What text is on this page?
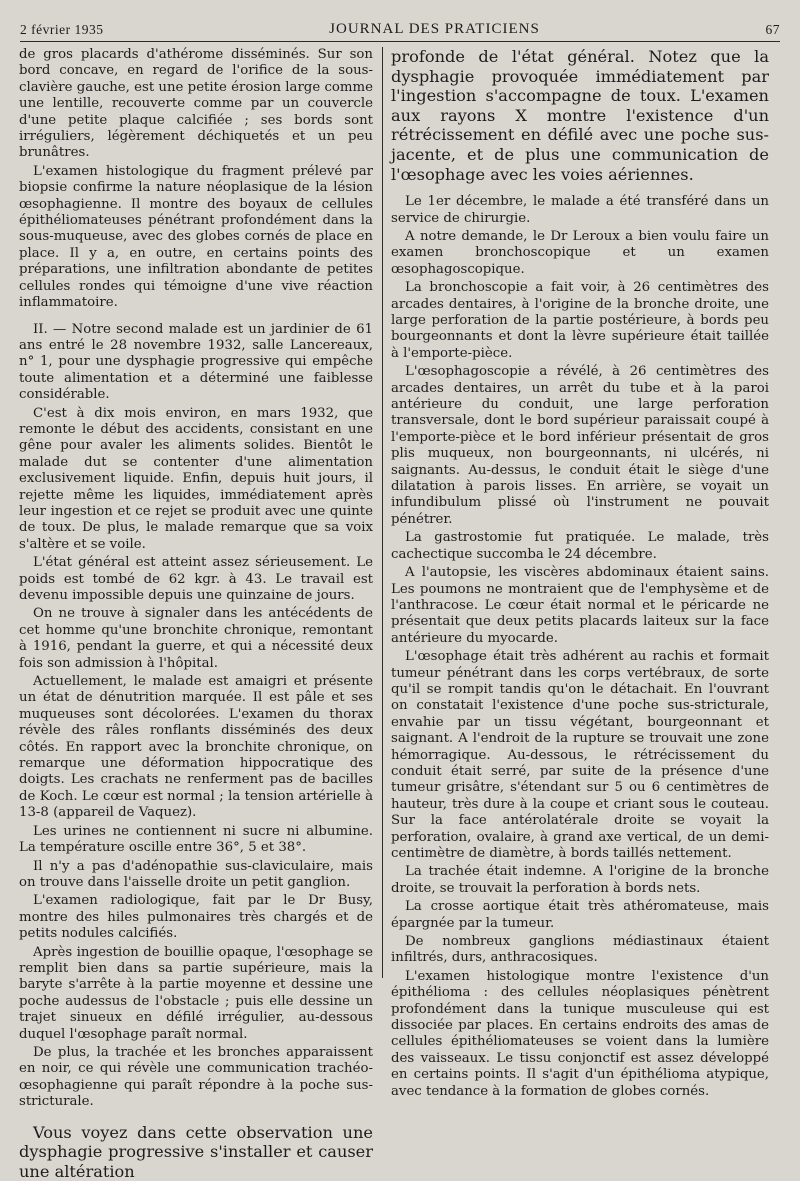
2 février 1935	JOURNAL DES PRATICIENS	67

de gros placards d'athérome disséminés. Sur son bord concave, en regard de l'orifice de la sous-clavière gauche, est une petite érosion large comme une lentille, recouverte comme par un couvercle d'une petite plaque calcifiée ; ses bords sont irréguliers, légèrement déchiquetés et un peu brunâtres.

L'examen histologique du fragment prélevé par biopsie confirme la nature néoplasique de la lésion œsophagienne. Il montre des boyaux de cellules épithéliomateuses pénétrant profondément dans la sous-muqueuse, avec des globes cornés de place en place. Il y a, en outre, en certains points des préparations, une infiltration abondante de petites cellules rondes qui témoigne d'une vive réaction inflammatoire.

II. — Notre second malade est un jardinier de 61 ans entré le 28 novembre 1932, salle Lancereaux, n° 1, pour une dysphagie progressive qui empêche toute alimentation et a déterminé une faiblesse considérable.

C'est à dix mois environ, en mars 1932, que remonte le début des accidents, consistant en une gêne pour avaler les aliments solides. Bientôt le malade dut se contenter d'une alimentation exclusivement liquide. Enfin, depuis huit jours, il rejette même les liquides, immédiatement après leur ingestion et ce rejet se produit avec une quinte de toux. De plus, le malade remarque que sa voix s'altère et se voile.

L'état général est atteint assez sérieusement. Le poids est tombé de 62 kgr. à 43. Le travail est devenu impossible depuis une quinzaine de jours.

On ne trouve à signaler dans les antécédents de cet homme qu'une bronchite chronique, remontant à 1916, pendant la guerre, et qui a nécessité deux fois son admission à l'hôpital.

Actuellement, le malade est amaigri et présente un état de dénutrition marquée. Il est pâle et ses muqueuses sont décolorées. L'examen du thorax révèle des râles ronflants disséminés des deux côtés. En rapport avec la bronchite chronique, on remarque une déformation hippocratique des doigts. Les crachats ne renferment pas de bacilles de Koch. Le cœur est normal ; la tension artérielle à 13-8 (appareil de Vaquez).

Les urines ne contiennent ni sucre ni albumine. La température oscille entre 36°, 5 et 38°.

Il n'y a pas d'adénopathie sus-claviculaire, mais on trouve dans l'aisselle droite un petit ganglion.

L'examen radiologique, fait par le Dr Busy, montre des hiles pulmonaires très chargés et de petits nodules calcifiés.

Après ingestion de bouillie opaque, l'œsophage se remplit bien dans sa partie supérieure, mais la baryte s'arrête à la partie moyenne et dessine une poche audessus de l'obstacle ; puis elle dessine un trajet sinueux en défilé irrégulier, au-dessous duquel l'œsophage paraît normal.

De plus, la trachée et les bronches apparaissent en noir, ce qui révèle une communication trachéo-œsophagienne qui paraît répondre à la poche sus-stricturale.

Vous voyez dans cette observation une dysphagie progressive s'installer et causer une altération

profonde de l'état général. Notez que la dysphagie provoquée immédiatement par l'ingestion s'accompagne de toux. L'examen aux rayons X montre l'existence d'un rétrécissement en défilé avec une poche sus-jacente, et de plus une communication de l'œsophage avec les voies aériennes.

Le 1er décembre, le malade a été transféré dans un service de chirurgie.

A notre demande, le Dr Leroux a bien voulu faire un examen bronchoscopique et un examen œsophagoscopique.

La bronchoscopie a fait voir, à 26 centimètres des arcades dentaires, à l'origine de la bronche droite, une large perforation de la partie postérieure, à bords peu bourgeonnants et dont la lèvre supérieure était taillée à l'emporte-pièce.

L'œsophagoscopie a révélé, à 26 centimètres des arcades dentaires, un arrêt du tube et à la paroi antérieure du conduit, une large perforation transversale, dont le bord supérieur paraissait coupé à l'emporte-pièce et le bord inférieur présentait de gros plis muqueux, non bourgeonnants, ni ulcérés, ni saignants. Au-dessus, le conduit était le siège d'une dilatation à parois lisses. En arrière, se voyait un infundibulum plissé où l'instrument ne pouvait pénétrer.

La gastrostomie fut pratiquée. Le malade, très cachectique succomba le 24 décembre.

A l'autopsie, les viscères abdominaux étaient sains. Les poumons ne montraient que de l'emphysème et de l'anthracose. Le cœur était normal et le péricarde ne présentait que deux petits placards laiteux sur la face antérieure du myocarde.

L'œsophage était très adhérent au rachis et formait tumeur pénétrant dans les corps vertébraux, de sorte qu'il se rompit tandis qu'on le détachait. En l'ouvrant on constatait l'existence d'une poche sus-stricturale, envahie par un tissu végétant, bourgeonnant et saignant. A l'endroit de la rupture se trouvait une zone hémorragique. Au-dessous, le rétrécissement du conduit était serré, par suite de la présence d'une tumeur grisâtre, s'étendant sur 5 ou 6 centimètres de hauteur, très dure à la coupe et criant sous le couteau. Sur la face antérolatérale droite se voyait la perforation, ovalaire, à grand axe vertical, de un demi-centimètre de diamètre, à bords taillés nettement.

La trachée était indemne. A l'origine de la bronche droite, se trouvait la perforation à bords nets.

La crosse aortique était très athéromateuse, mais épargnée par la tumeur.

De nombreux ganglions médiastinaux étaient infiltrés, durs, anthracosiques.

L'examen histologique montre l'existence d'un épithélioma : des cellules néoplasiques pénètrent profondément dans la tunique musculeuse qui est dissociée par places. En certains endroits des amas de cellules épithéliomateuses se voient dans la lumière des vaisseaux. Le tissu conjonctif est assez développé en certains points. Il s'agit d'un épithélioma atypique, avec tendance à la formation de globes cornés.
